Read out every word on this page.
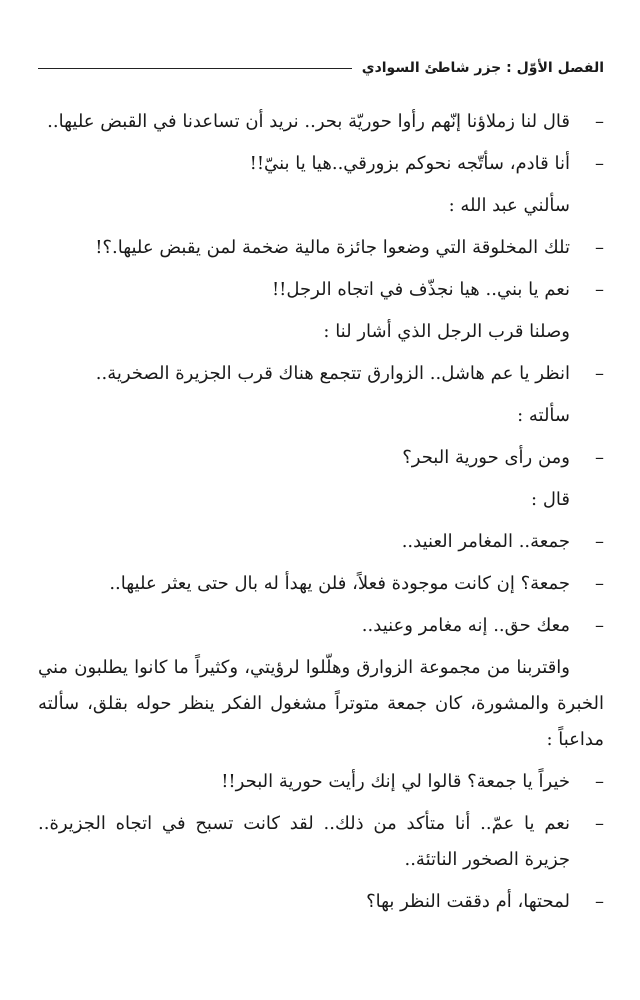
الفصل الأوّل : جزر شاطئ السوادي
–
قال لنا زملاؤنا إنّهم رأوا حوريّة بحر.. نريد أن تساعدنا في القبض عليها..
–
أنا قادم، سأتّجه نحوكم بزورقي..هيا يا بنيّ!!
سألني عبد الله :
–
تلك المخلوقة التي وضعوا جائزة مالية ضخمة لمن يقبض عليها.؟!
–
نعم يا بني.. هيا نجذّف في اتجاه الرجل!!
وصلنا قرب الرجل الذي أشار لنا :
–
انظر يا عم هاشل.. الزوارق تتجمع هناك قرب الجزيرة الصخرية..
سألته :
–
ومن رأى حورية البحر؟
قال :
–
جمعة.. المغامر العنيد..
–
جمعة؟ إن كانت موجودة فعلاً، فلن يهدأ له بال حتى يعثر عليها..
–
معك حق.. إنه مغامر وعنيد..
واقتربنا من مجموعة الزوارق وهلّلوا لرؤيتي، وكثيراً ما كانوا يطلبون مني الخبرة والمشورة، كان جمعة متوتراً مشغول الفكر ينظر حوله بقلق، سألته مداعباً :
–
خيراً يا جمعة؟ قالوا لي إنك رأيت حورية البحر!!
–
نعم يا عمّ.. أنا متأكد من ذلك.. لقد كانت تسبح في اتجاه الجزيرة.. جزيرة الصخور الناتئة..
–
لمحتها، أم دققت النظر بها؟
